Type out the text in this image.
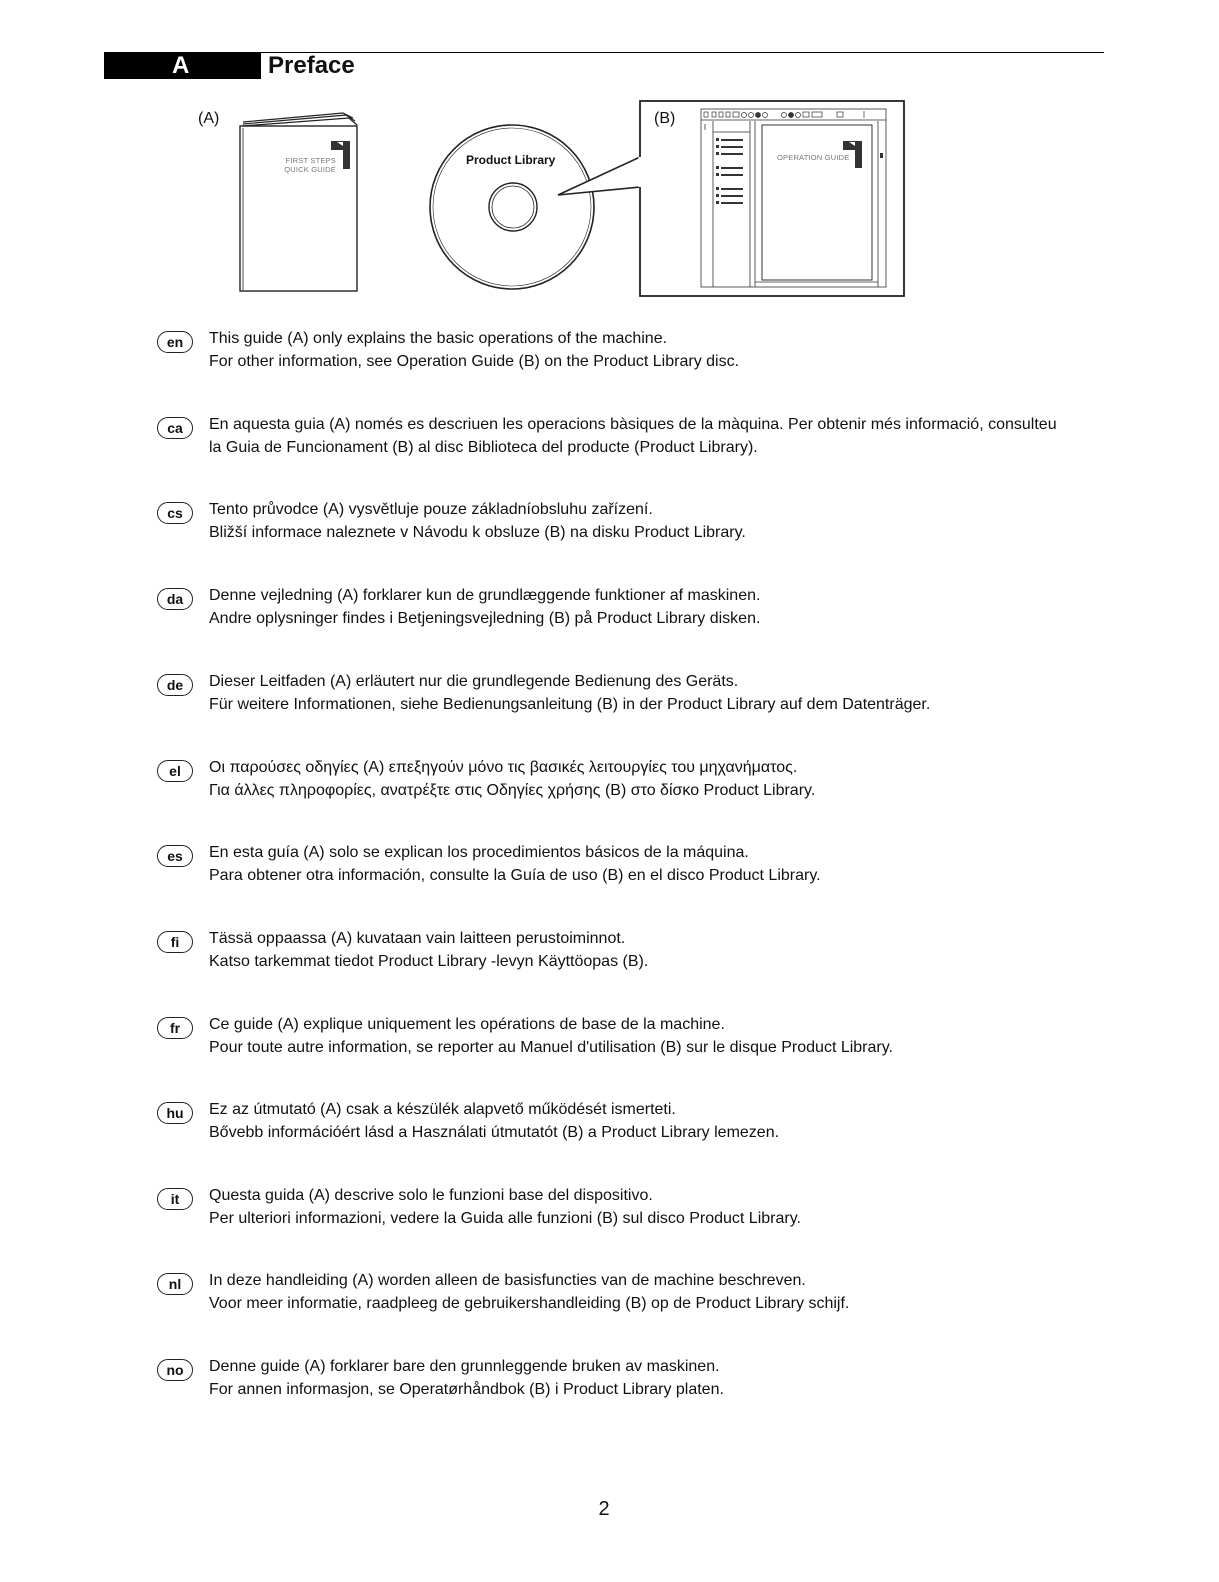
A	Preface
(A)	(B)
FIRST STEPS
QUICK GUIDE
Product Library	OPERATION GUIDE
en	This guide (A) only explains the basic operations of the machine.
For other information, see Operation Guide (B) on the Product Library disc.
ca	En aquesta guia (A) només es descriuen les operacions bàsiques de la màquina. Per obtenir més informació, consulteu
la Guia de Funcionament (B) al disc Biblioteca del producte (Product Library).
cs	Tento průvodce (A) vysvětluje pouze základníobsluhu zařízení.
Bližší informace naleznete v Návodu k obsluze (B) na disku Product Library.
da	Denne vejledning (A) forklarer kun de grundlæggende funktioner af maskinen.
Andre oplysninger findes i Betjeningsvejledning (B) på Product Library disken.
de	Dieser Leitfaden (A) erläutert nur die grundlegende Bedienung des Geräts.
Für weitere Informationen, siehe Bedienungsanleitung (B) in der Product Library auf dem Datenträger.
el	Οι παρούσες οδηγίες (A) επεξηγούν μόνο τις βασικές λειτουργίες του μηχανήματος.
Για άλλες πληροφορίες, ανατρέξτε στις Οδηγίες χρήσης (B) στο δίσκο Product Library.
es	En esta guía (A) solo se explican los procedimientos básicos de la máquina.
Para obtener otra información, consulte la Guía de uso (B) en el disco Product Library.
fi	Tässä oppaassa (A) kuvataan vain laitteen perustoiminnot.
Katso tarkemmat tiedot Product Library -levyn Käyttöopas (B).
fr	Ce guide (A) explique uniquement les opérations de base de la machine.
Pour toute autre information, se reporter au Manuel d'utilisation (B) sur le disque Product Library.
hu	Ez az útmutató (A) csak a készülék alapvető működését ismerteti.
Bővebb információért lásd a Használati útmutatót (B) a Product Library lemezen.
it	Questa guida (A) descrive solo le funzioni base del dispositivo.
Per ulteriori informazioni, vedere la Guida alle funzioni (B) sul disco Product Library.
nl	In deze handleiding (A) worden alleen de basisfuncties van de machine beschreven.
Voor meer informatie, raadpleeg de gebruikershandleiding (B) op de Product Library schijf.
no	Denne guide (A) forklarer bare den grunnleggende bruken av maskinen.
For annen informasjon, se Operatørhåndbok (B) i Product Library platen.
2
